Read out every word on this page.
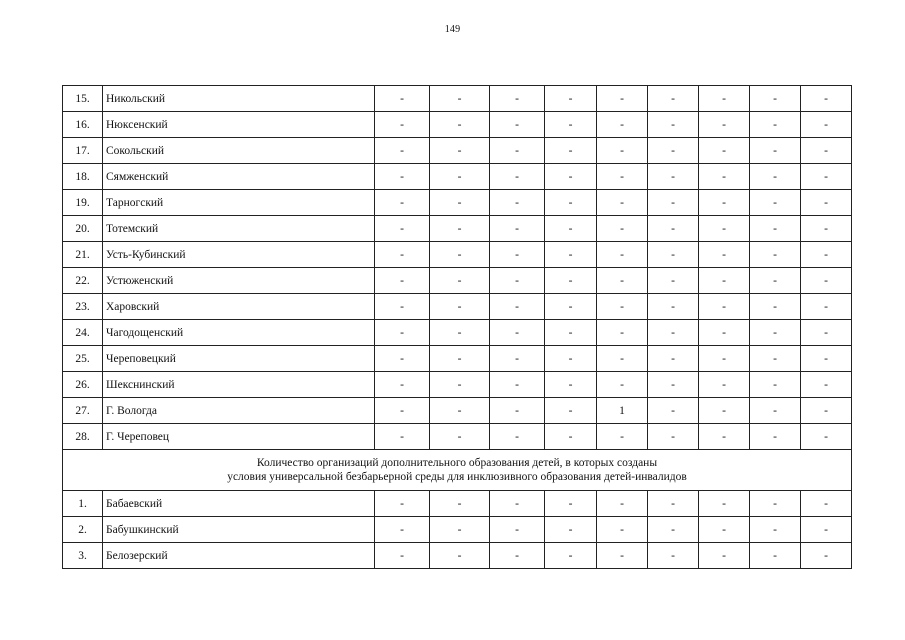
149
15.	Никольский	-	-	-	-	-	-	-	-	-
16.	Нюксенский	-	-	-	-	-	-	-	-	-
17.	Сокольский	-	-	-	-	-	-	-	-	-
18.	Сямженский	-	-	-	-	-	-	-	-	-
19.	Тарногский	-	-	-	-	-	-	-	-	-
20.	Тотемский	-	-	-	-	-	-	-	-	-
21.	Усть-Кубинский	-	-	-	-	-	-	-	-	-
22.	Устюженский	-	-	-	-	-	-	-	-	-
23.	Харовский	-	-	-	-	-	-	-	-	-
24.	Чагодощенский	-	-	-	-	-	-	-	-	-
25.	Череповецкий	-	-	-	-	-	-	-	-	-
26.	Шекснинский	-	-	-	-	-	-	-	-	-
27.	Г. Вологда	-	-	-	-	1	-	-	-	-
28.	Г. Череповец	-	-	-	-	-	-	-	-	-

Количество организаций дополнительного образования детей, в которых созданы
условия универсальной безбарьерной среды для инклюзивного образования детей-инвалидов										

1.	Бабаевский	-	-	-	-	-	-	-	-	-
2.	Бабушкинский	-	-	-	-	-	-	-	-	-
3.	Белозерский	-	-	-	-	-	-	-	-	-
